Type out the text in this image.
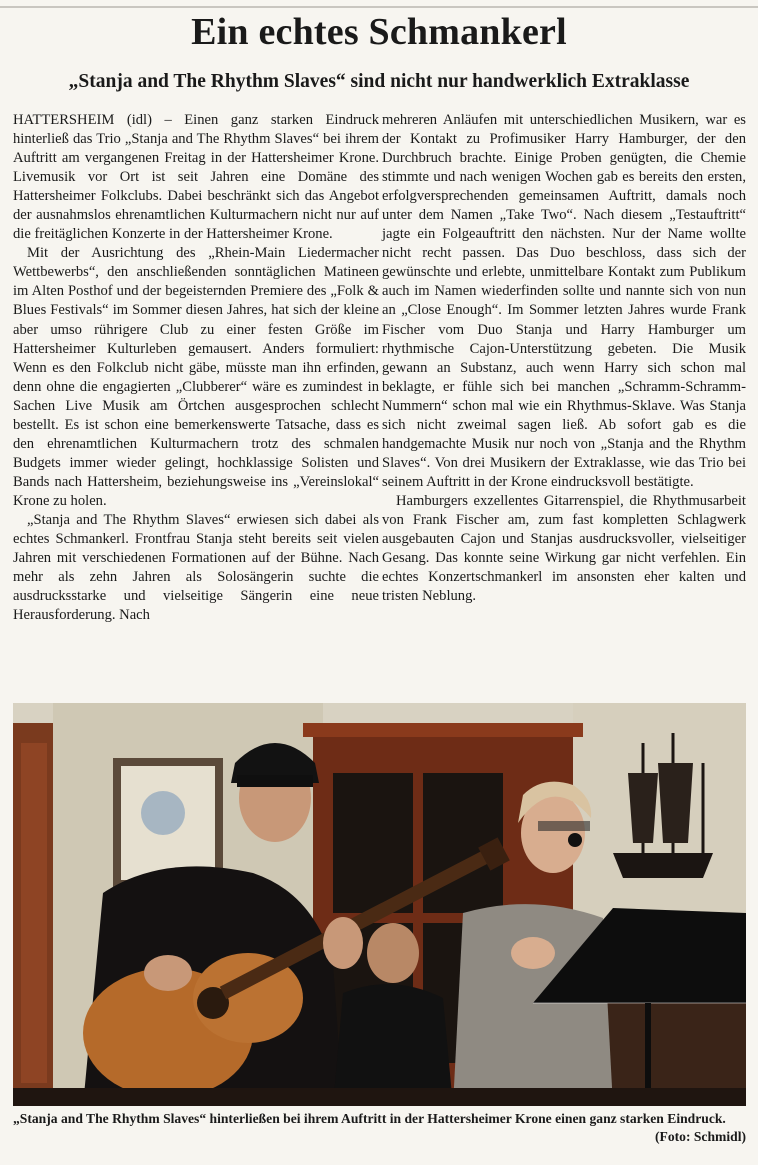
Ein echtes Schmankerl
„Stanja and The Rhythm Slaves“ sind nicht nur handwerklich Extraklasse

HATTERSHEIM (idl) – Einen ganz starken Eindruck hinterließ das Trio „Stanja and The Rhythm Slaves“ bei ihrem Auftritt am vergangenen Freitag in der Hattersheimer Krone. Livemusik vor Ort ist seit Jahren eine Domäne des Hattersheimer Folkclubs. Dabei beschränkt sich das Angebot der ausnahmslos ehrenamtlichen Kulturmachern nicht nur auf die freitäglichen Konzerte in der Hattersheimer Krone.

Mit der Ausrichtung des „Rhein-Main Liedermacher Wettbewerbs“, den anschließenden sonntäglichen Matineen im Alten Posthof und der begeisternden Premiere des „Folk & Blues Festivals“ im Sommer diesen Jahres, hat sich der kleine aber umso rührigere Club zu einer festen Größe im Hattersheimer Kulturleben gemausert. Anders formuliert: Wenn es den Folkclub nicht gäbe, müsste man ihn erfinden, denn ohne die engagierten „Clubberer“ wäre es zumindest in Sachen Live Musik am Örtchen ausgesprochen schlecht bestellt. Es ist schon eine bemerkenswerte Tatsache, dass es den ehrenamtlichen Kulturmachern trotz des schmalen Budgets immer wieder gelingt, hochklassige Solisten und Bands nach Hattersheim, beziehungsweise ins „Vereinslokal“ Krone zu holen.

„Stanja and The Rhythm Slaves“ erwiesen sich dabei als echtes Schmankerl. Frontfrau Stanja steht bereits seit vielen Jahren mit verschiedenen Formationen auf der Bühne. Nach mehr als zehn Jahren als Solosängerin suchte die ausdrucksstarke und vielseitige Sängerin eine neue Herausforderung. Nach

mehreren Anläufen mit unterschiedlichen Musikern, war es der Kontakt zu Profimusiker Harry Hamburger, der den Durchbruch brachte. Einige Proben genügten, die Chemie stimmte und nach wenigen Wochen gab es bereits den ersten, erfolgversprechenden gemeinsamen Auftritt, damals noch unter dem Namen „Take Two“. Nach diesem „Testauftritt“ jagte ein Folgeauftritt den nächsten. Nur der Name wollte nicht recht passen. Das Duo beschloss, dass sich der gewünschte und erlebte, unmittelbare Kontakt zum Publikum auch im Namen wiederfinden sollte und nannte sich von nun an „Close Enough“. Im Sommer letzten Jahres wurde Frank Fischer vom Duo Stanja und Harry Hamburger um rhythmische Cajon-Unterstützung gebeten. Die Musik gewann an Substanz, auch wenn Harry sich schon mal beklagte, er fühle sich bei manchen „Schramm-Schramm-Nummern“ schon mal wie ein Rhythmus-Sklave. Was Stanja sich nicht zweimal sagen ließ. Ab sofort gab es die handgemachte Musik nur noch von „Stanja and the Rhythm Slaves“. Von drei Musikern der Extraklasse, wie das Trio bei seinem Auftritt in der Krone eindrucksvoll bestätigte.

Hamburgers exzellentes Gitarrenspiel, die Rhythmusarbeit von Frank Fischer am, zum fast kompletten Schlagwerk ausgebauten Cajon und Stanjas ausdrucksvoller, vielseitiger Gesang. Das konnte seine Wirkung gar nicht verfehlen. Ein echtes Konzertschmankerl im ansonsten eher kalten und tristen Neblung.

„Stanja and The Rhythm Slaves“ hinterließen bei ihrem Auftritt in der Hattersheimer Krone einen ganz starken Eindruck.
(Foto: Schmidl)
